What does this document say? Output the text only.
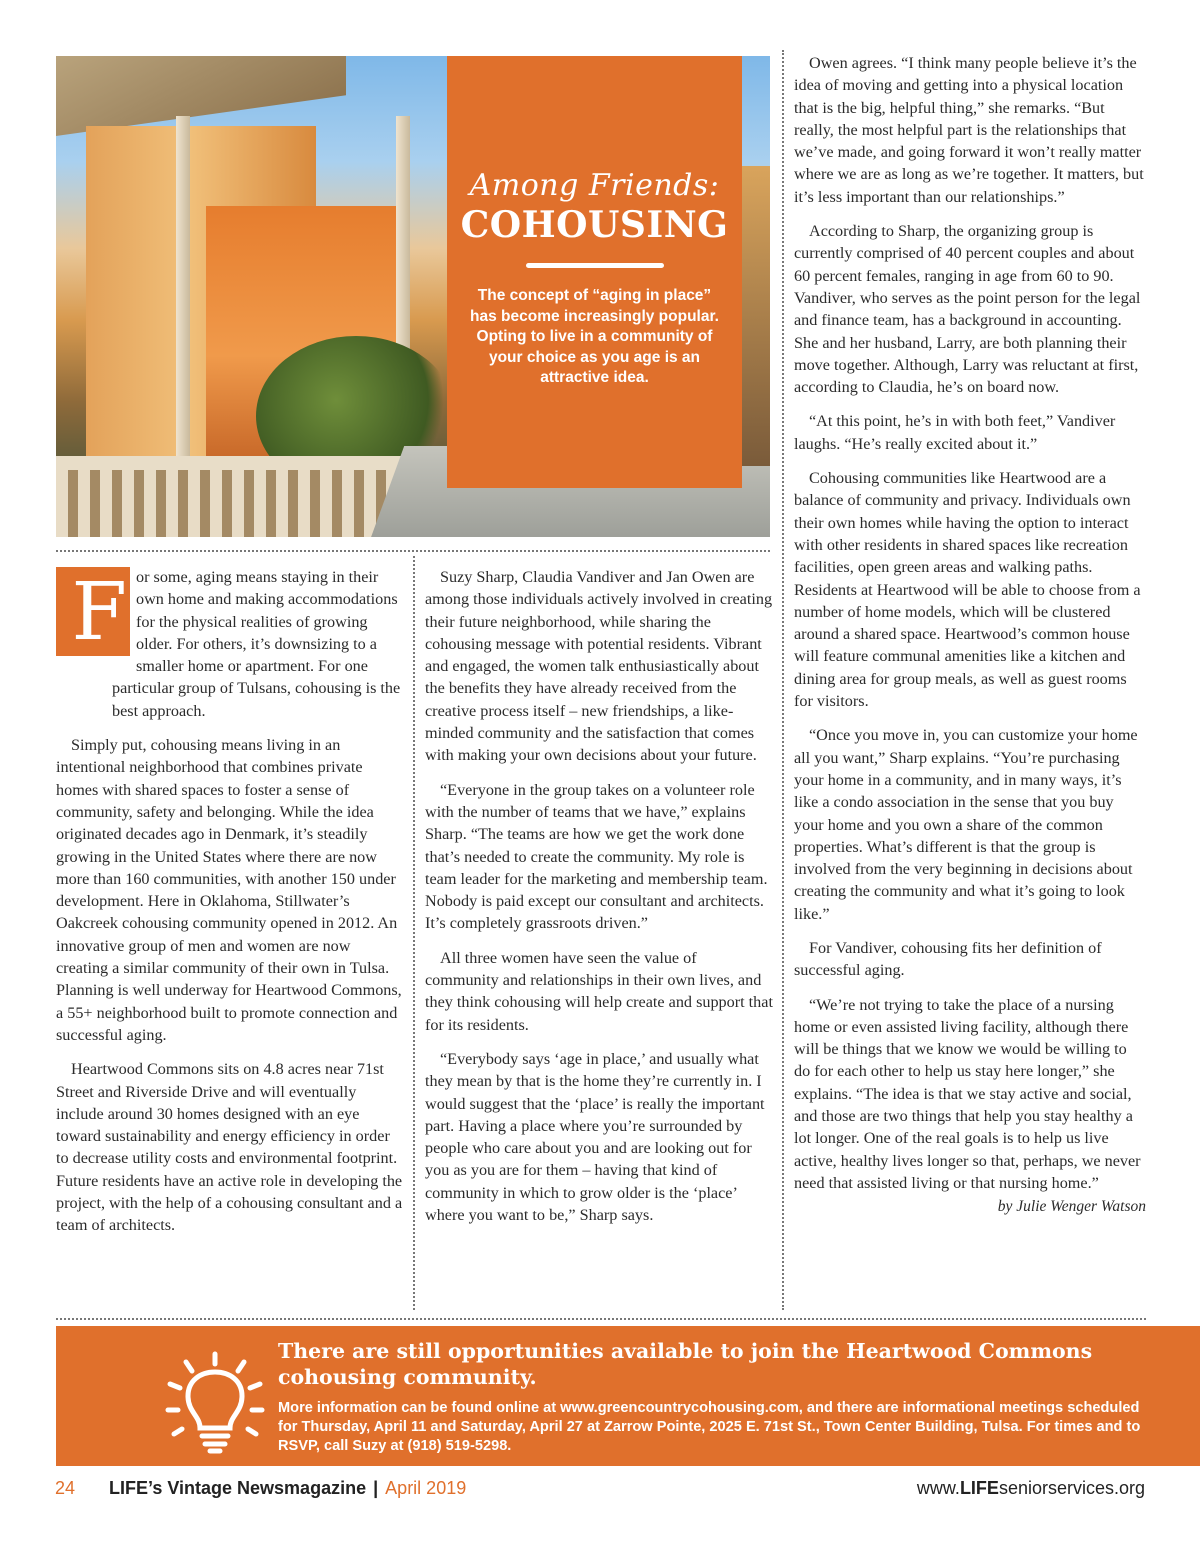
Among Friends:
COHOUSING
The concept of “aging in place” has become increasingly popular. Opting to live in a community of your choice as you age is an attractive idea.

F or some, aging means staying in their own home and making accommodations for the physical realities of growing older. For others, it’s downsizing to a smaller home or apartment. For one particular group of Tulsans, cohousing is the best approach.

Simply put, cohousing means living in an intentional neighborhood that combines private homes with shared spaces to foster a sense of community, safety and belonging. While the idea originated decades ago in Denmark, it’s steadily growing in the United States where there are now more than 160 communities, with another 150 under development. Here in Oklahoma, Stillwater’s Oakcreek cohousing community opened in 2012. An innovative group of men and women are now creating a similar community of their own in Tulsa. Planning is well underway for Heartwood Commons, a 55+ neighborhood built to promote connection and successful aging.

Heartwood Commons sits on 4.8 acres near 71st Street and Riverside Drive and will eventually include around 30 homes designed with an eye toward sustainability and energy efficiency in order to decrease utility costs and environmental footprint. Future residents have an active role in developing the project, with the help of a cohousing consultant and a team of architects.

Suzy Sharp, Claudia Vandiver and Jan Owen are among those individuals actively involved in creating their future neighborhood, while sharing the cohousing message with potential residents. Vibrant and engaged, the women talk enthusiastically about the benefits they have already received from the creative process itself – new friendships, a like-minded community and the satisfaction that comes with making your own decisions about your future.

“Everyone in the group takes on a volunteer role with the number of teams that we have,” explains Sharp. “The teams are how we get the work done that’s needed to create the community. My role is team leader for the marketing and membership team. Nobody is paid except our consultant and architects. It’s completely grassroots driven.”

All three women have seen the value of community and relationships in their own lives, and they think cohousing will help create and support that for its residents.

“Everybody says ‘age in place,’ and usually what they mean by that is the home they’re currently in. I would suggest that the ‘place’ is really the important part. Having a place where you’re surrounded by people who care about you and are looking out for you as you are for them – having that kind of community in which to grow older is the ‘place’ where you want to be,” Sharp says.

Owen agrees. “I think many people believe it’s the idea of moving and getting into a physical location that is the big, helpful thing,” she remarks. “But really, the most helpful part is the relationships that we’ve made, and going forward it won’t really matter where we are as long as we’re together. It matters, but it’s less important than our relationships.”

According to Sharp, the organizing group is currently comprised of 40 percent couples and about 60 percent females, ranging in age from 60 to 90. Vandiver, who serves as the point person for the legal and finance team, has a background in accounting. She and her husband, Larry, are both planning their move together. Although, Larry was reluctant at first, according to Claudia, he’s on board now.

“At this point, he’s in with both feet,” Vandiver laughs. “He’s really excited about it.”

Cohousing communities like Heartwood are a balance of community and privacy. Individuals own their own homes while having the option to interact with other residents in shared spaces like recreation facilities, open green areas and walking paths. Residents at Heartwood will be able to choose from a number of home models, which will be clustered around a shared space. Heartwood’s common house will feature communal amenities like a kitchen and dining area for group meals, as well as guest rooms for visitors.

“Once you move in, you can customize your home all you want,” Sharp explains. “You’re purchasing your home in a community, and in many ways, it’s like a condo association in the sense that you buy your home and you own a share of the common properties. What’s different is that the group is involved from the very beginning in decisions about creating the community and what it’s going to look like.”

For Vandiver, cohousing fits her definition of successful aging.

“We’re not trying to take the place of a nursing home or even assisted living facility, although there will be things that we know we would be willing to do for each other to help us stay here longer,” she explains. “The idea is that we stay active and social, and those are two things that help you stay healthy a lot longer. One of the real goals is to help us live active, healthy lives longer so that, perhaps, we never need that assisted living or that nursing home.”

by Julie Wenger Watson
There are still opportunities available to join the Heartwood Commons cohousing community.
More information can be found online at www.greencountrycohousing.com, and there are informational meetings scheduled for Thursday, April 11 and Saturday, April 27 at Zarrow Pointe, 2025 E. 71st St., Town Center Building, Tulsa. For times and to RSVP, call Suzy at (918) 519-5298.
24 LIFE’s Vintage Newsmagazine | April 2019	www.LIFEseniorservices.org
